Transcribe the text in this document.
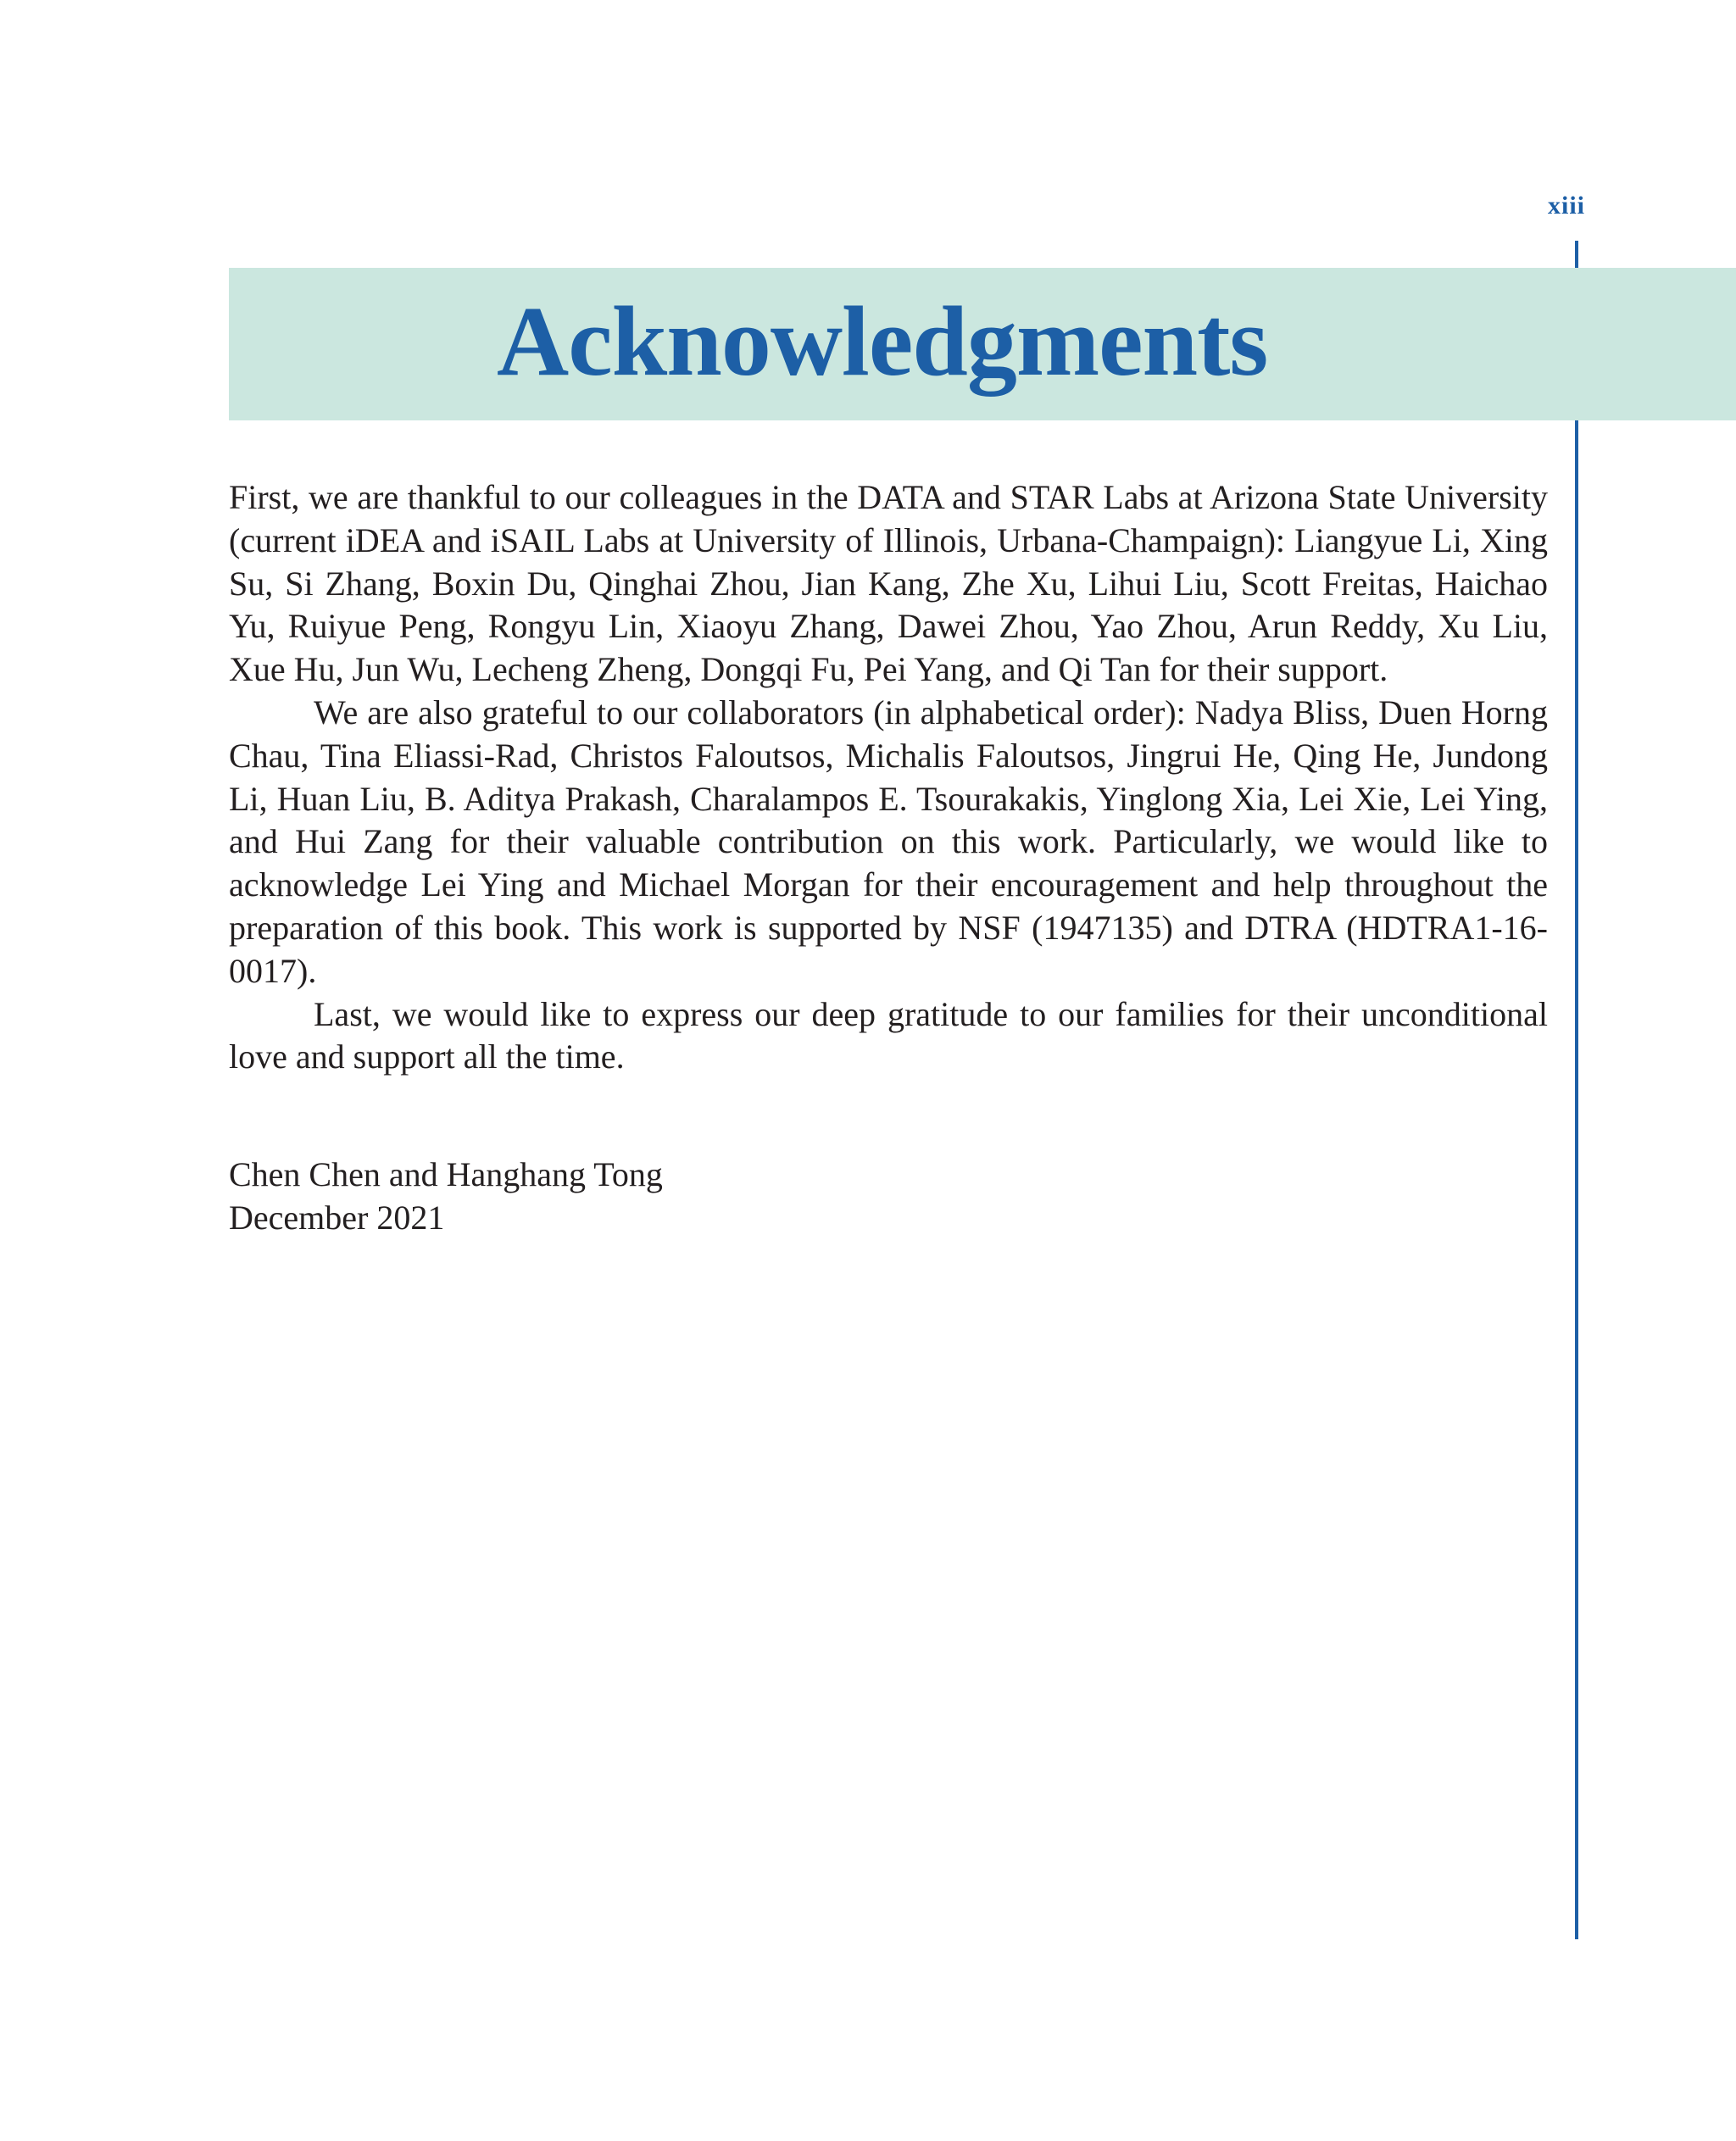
xiii
Acknowledgments

First, we are thankful to our colleagues in the DATA and STAR Labs at Arizona State University (current iDEA and iSAIL Labs at University of Illinois, Urbana-Champaign): Liangyue Li, Xing Su, Si Zhang, Boxin Du, Qinghai Zhou, Jian Kang, Zhe Xu, Lihui Liu, Scott Freitas, Haichao Yu, Ruiyue Peng, Rongyu Lin, Xiaoyu Zhang, Dawei Zhou, Yao Zhou, Arun Reddy, Xu Liu, Xue Hu, Jun Wu, Lecheng Zheng, Dongqi Fu, Pei Yang, and Qi Tan for their support.

We are also grateful to our collaborators (in alphabetical order): Nadya Bliss, Duen Horng Chau, Tina Eliassi-Rad, Christos Faloutsos, Michalis Faloutsos, Jingrui He, Qing He, Jundong Li, Huan Liu, B. Aditya Prakash, Charalampos E. Tsourakakis, Yinglong Xia, Lei Xie, Lei Ying, and Hui Zang for their valuable contribution on this work. Particularly, we would like to acknowledge Lei Ying and Michael Morgan for their encouragement and help throughout the preparation of this book. This work is supported by NSF (1947135) and DTRA (HDTRA1-16-0017).

Last, we would like to express our deep gratitude to our families for their unconditional love and support all the time.

Chen Chen and Hanghang Tong
December 2021
